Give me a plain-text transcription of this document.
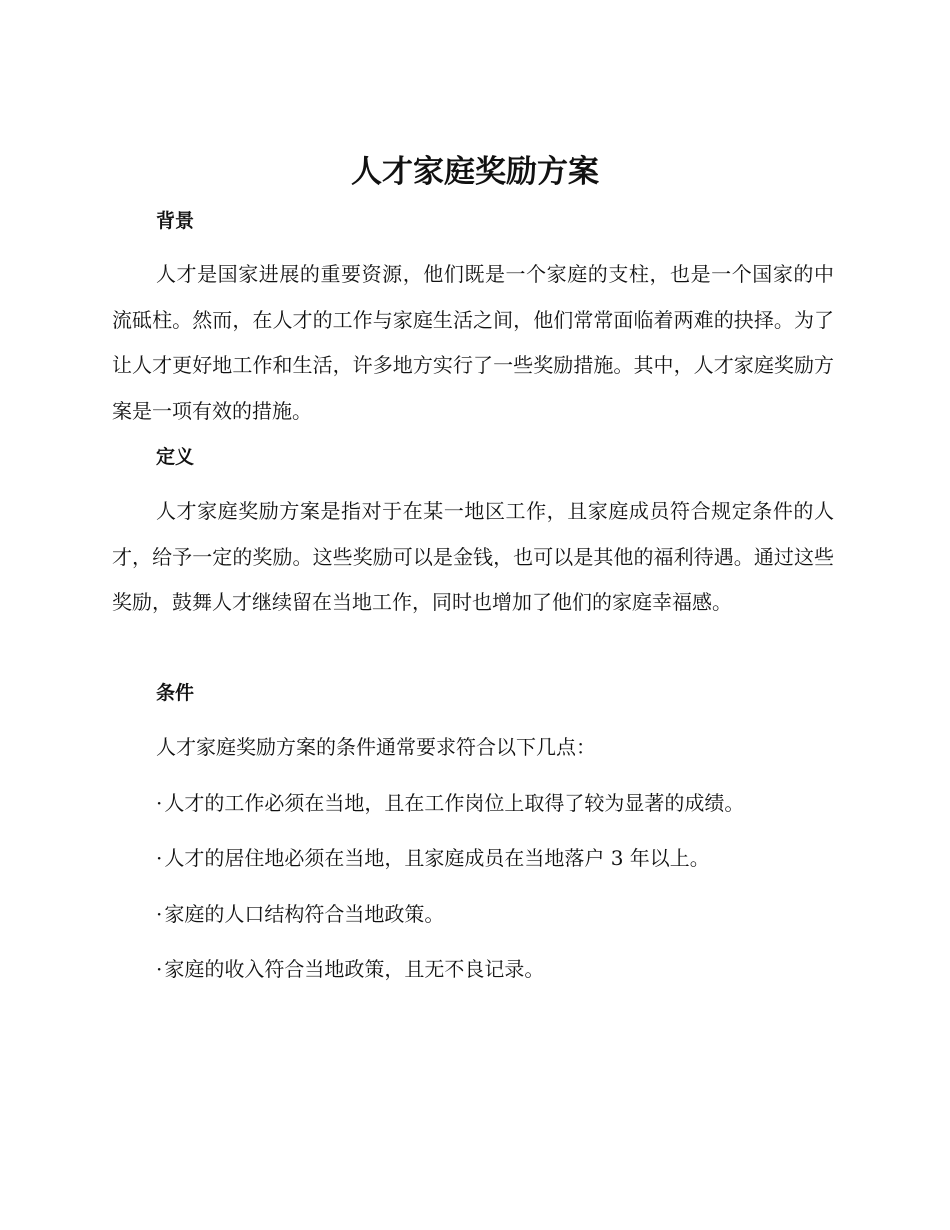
人才家庭奖励方案
背景

人才是国家进展的重要资源，他们既是一个家庭的支柱，也是一个国家的中流砥柱。然而，在人才的工作与家庭生活之间，他们常常面临着两难的抉择。为了让人才更好地工作和生活，许多地方实行了一些奖励措施。其中，人才家庭奖励方案是一项有效的措施。

定义

人才家庭奖励方案是指对于在某一地区工作，且家庭成员符合规定条件的人才，给予一定的奖励。这些奖励可以是金钱，也可以是其他的福利待遇。通过这些奖励，鼓舞人才继续留在当地工作，同时也增加了他们的家庭幸福感。

条件

人才家庭奖励方案的条件通常要求符合以下几点：

· 人才的工作必须在当地，且在工作岗位上取得了较为显著的成绩。
· 人才的居住地必须在当地，且家庭成员在当地落户 3 年以上。
· 家庭的人口结构符合当地政策。
· 家庭的收入符合当地政策，且无不良记录。
